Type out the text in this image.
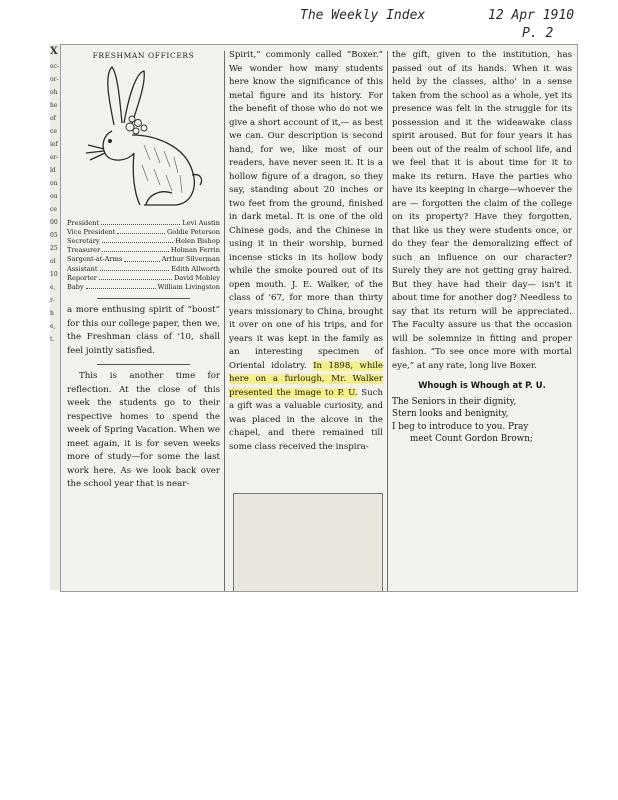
The Weekly Index	12 Apr 1910
P. 2
X
ec-
or-
oh
he
of
ce
ief
er-
ld
on
ou
ce
00
05
25
ol
10
e,
r-
h
e,
t.
FRESHMAN OFFICERS
President	Levi Austin
Vice President	Goldie Peterson
Secretary	Helen Bishop
Treasurer	Holman Ferrin
Sargent-at-Arms	Arthur Silverman
Assistant	Edith Allworth
Reporter	David Mobley
Baby	William Livingston

a more enthusing spirit of “boost” for this our college paper, then we, the Freshman class of '10, shall feel jointly satisfied.

This is another time for reflection. At the close of this week the students go to their respective homes to spend the week of Spring Vacation. When we meet again, it is for seven weeks more of study—for some the last work here. As we look back over the school year that is near-

Spirit,” commonly called “Boxer.” We wonder how many students here know the significance of this metal figure and its history. For the benefit of those who do not we give a short account of it,— as best we can. Our description is second hand, for we, like most of our readers, have never seen it. It is a hollow figure of a dragon, so they say, standing about 20 inches or two feet from the ground, finished in dark metal. It is one of the old Chinese gods, and the Chinese in using it in their worship, burned incense sticks in its hollow body while the smoke poured out of its open mouth. J. E. Walker, of the class of '67, for more than thirty years missionary to China, brought it over on one of his trips, and for years it was kept in the family as an interesting specimen of Oriental idolatry. In 1898, while here on a furlough, Mr. Walker presented the image to P. U. Such a gift was a valuable curiosity, and was placed in the alcove in the chapel, and there remained till some class received the inspira-

the gift, given to the institution, has passed out of its hands. When it was held by the classes, altho' in a sense taken from the school as a whole, yet its presence was felt in the struggle for its possession and it the wideawake class spirit aroused. But for four years it has been out of the realm of school life, and we feel that it is about time for it to make its return. Have the parties who have its keeping in charge—whoever the are — forgotten the claim of the college on its property? Have they forgotten, that like us they were students once, or do they fear the demoralizing effect of such an influence on our character? Surely they are not getting gray haired. But they have had their day— isn't it about time for another dog? Needless to say that its return will be appreciated. The Faculty assure us that the occasion will be solemnize in fitting and proper fashion. “To see once more with mortal eye,” at any rate, long live Boxer.

Whough is Whough at P. U.
The Seniors in their dignity,
Stern looks and benignity,
I beg to introduce to you. Pray
meet Count Gordon Brown;
